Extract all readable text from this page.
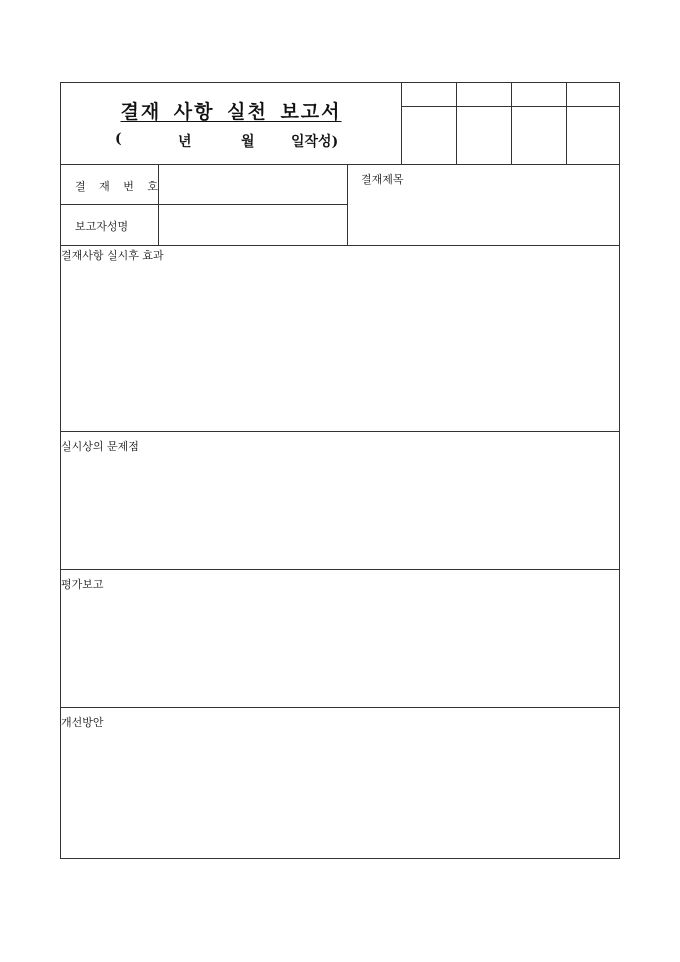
결재 사항 실천 보고서
(	년	월	일작성)
결 재 번 호
보고자성명
결재제목
결재사항 실시후 효과
실시상의 문제점
평가보고
개선방안
